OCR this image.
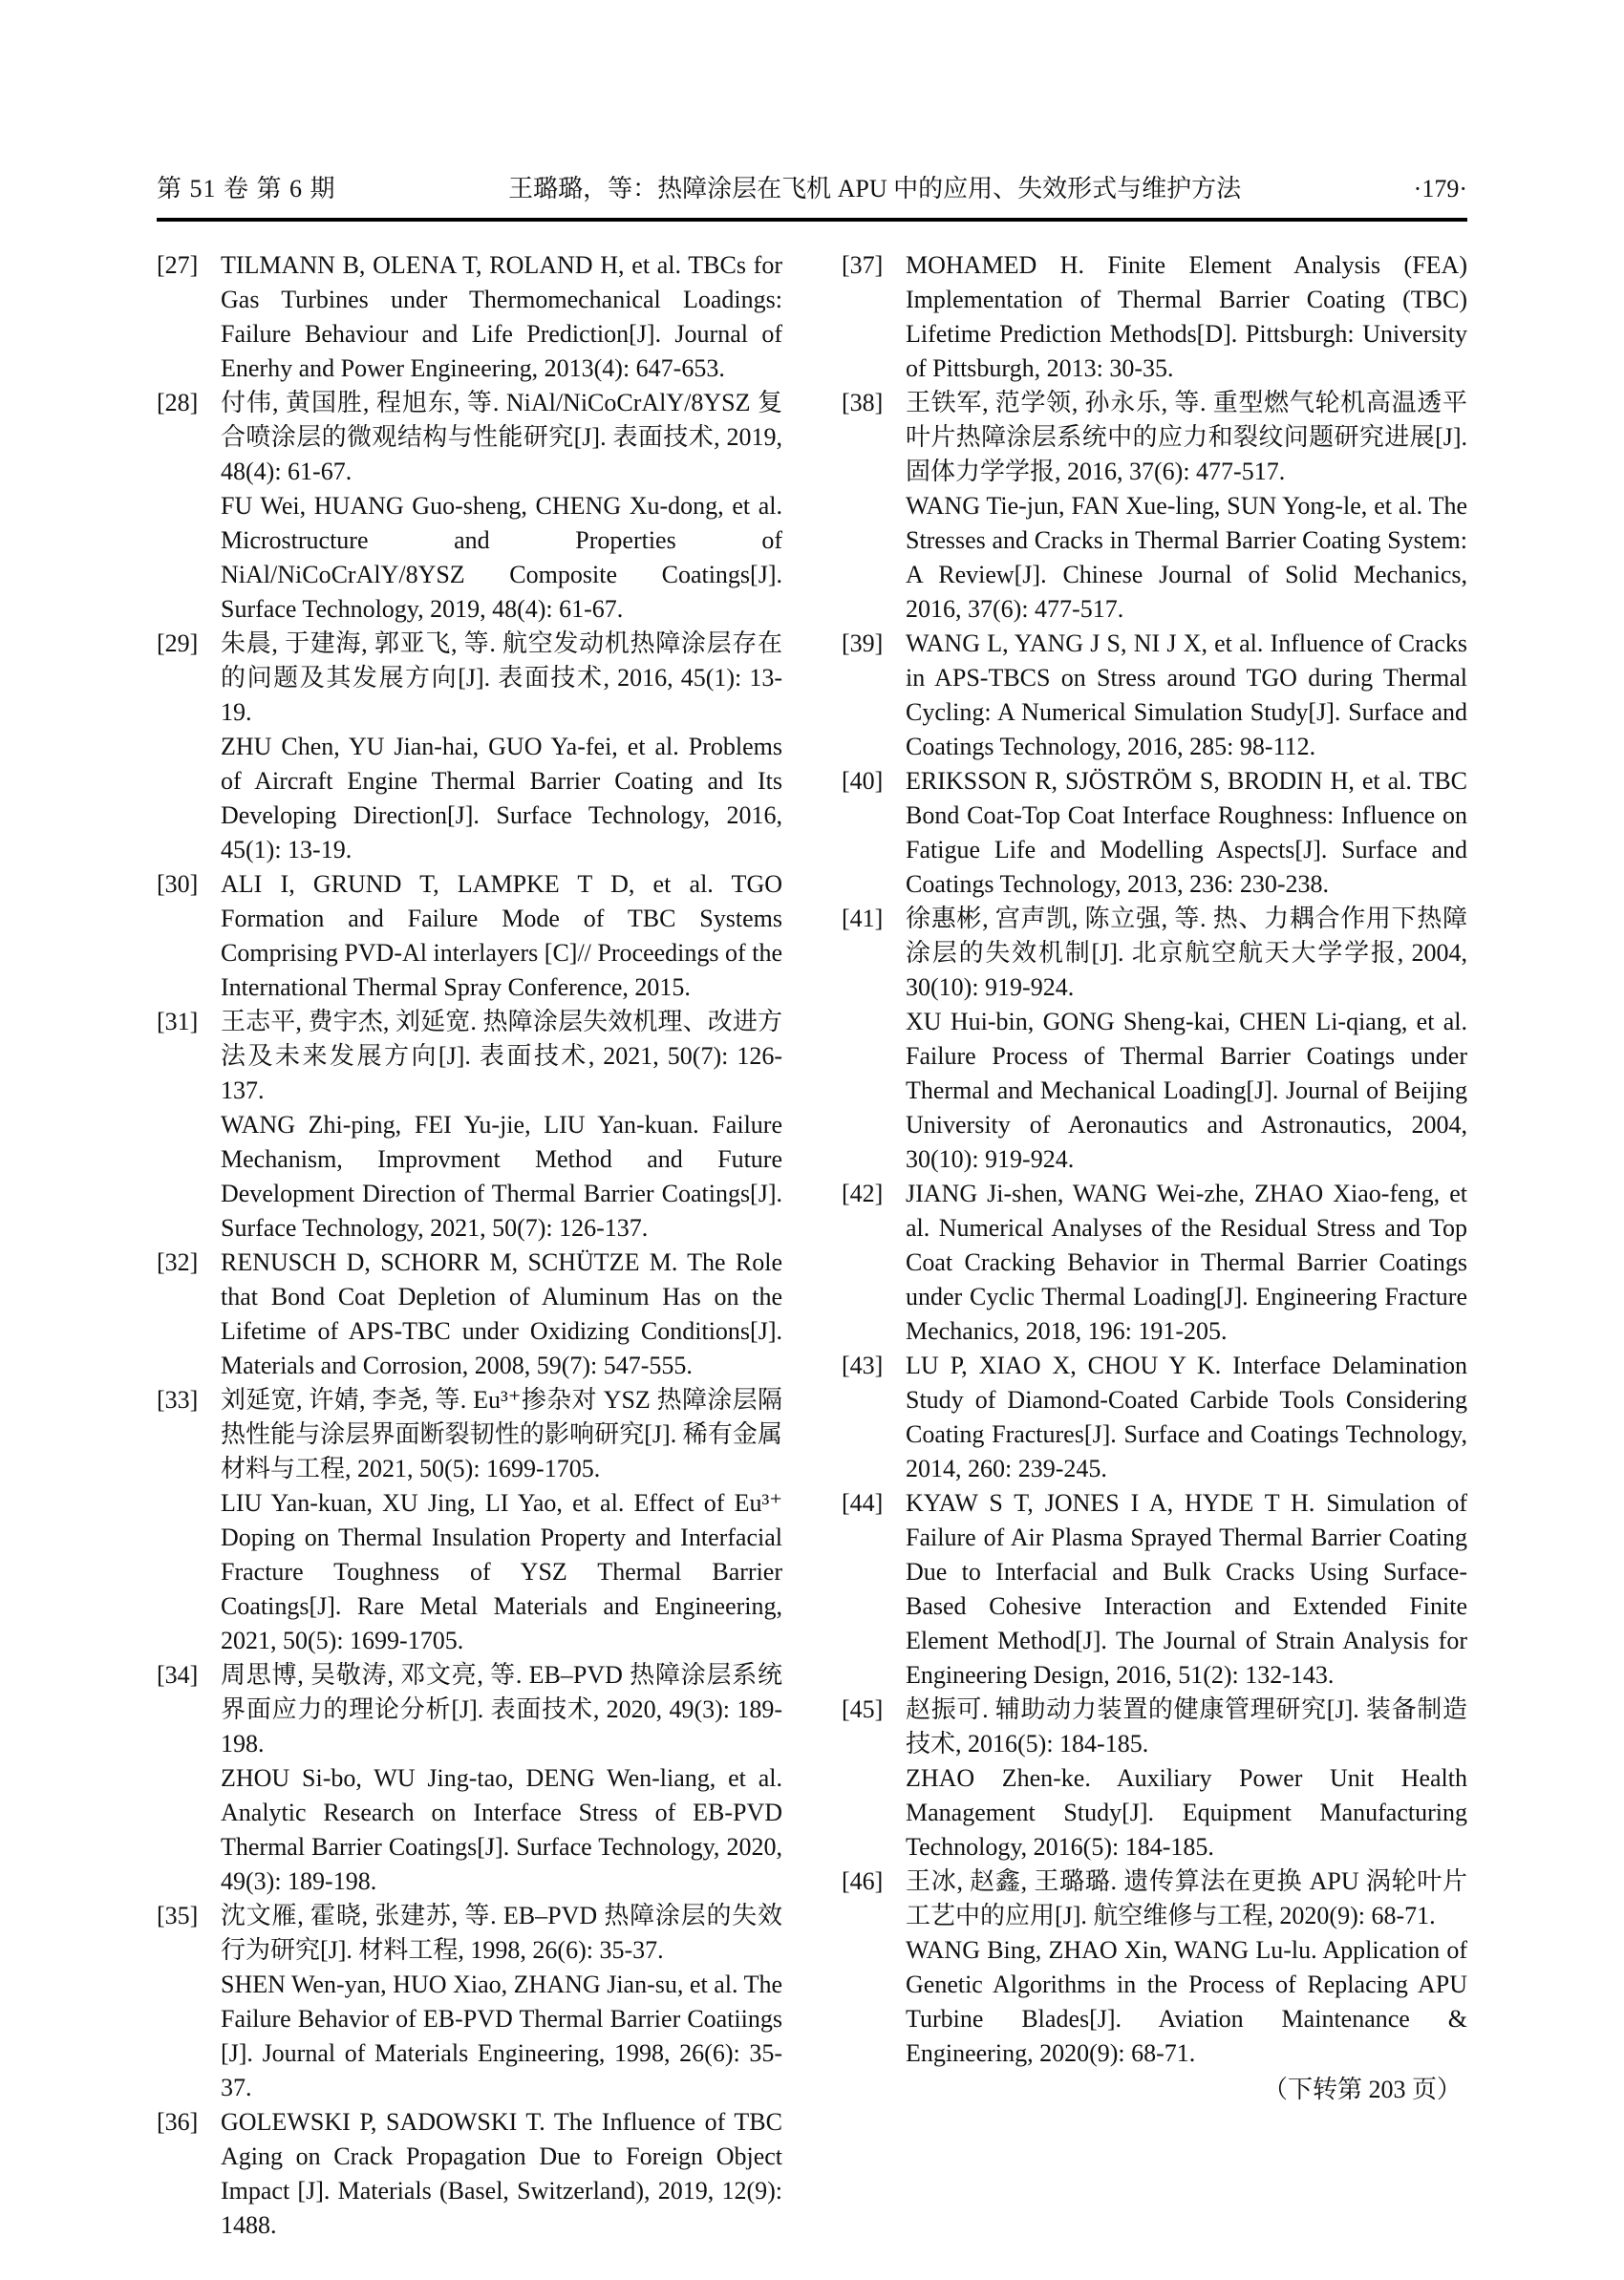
第 51 卷 第 6 期	王璐璐，等：热障涂层在飞机 APU 中的应用、失效形式与维护方法	·179·
[27] TILMANN B, OLENA T, ROLAND H, et al. TBCs for Gas Turbines under Thermomechanical Loadings: Failure Behaviour and Life Prediction[J]. Journal of Enerhy and Power Engineering, 2013(4): 647-653.

[28] 付伟, 黄国胜, 程旭东, 等. NiAl/NiCoCrAlY/8YSZ 复合喷涂层的微观结构与性能研究[J]. 表面技术, 2019, 48(4): 61-67.

FU Wei, HUANG Guo-sheng, CHENG Xu-dong, et al. Microstructure and Properties of NiAl/NiCoCrAlY/8YSZ Composite Coatings[J]. Surface Technology, 2019, 48(4): 61-67.

[29] 朱晨, 于建海, 郭亚飞, 等. 航空发动机热障涂层存在的问题及其发展方向[J]. 表面技术, 2016, 45(1): 13-19.

ZHU Chen, YU Jian-hai, GUO Ya-fei, et al. Problems of Aircraft Engine Thermal Barrier Coating and Its Developing Direction[J]. Surface Technology, 2016, 45(1): 13-19.

[30] ALI I, GRUND T, LAMPKE T D, et al. TGO Formation and Failure Mode of TBC Systems Comprising PVD-Al interlayers [C]// Proceedings of the International Thermal Spray Conference, 2015.

[31] 王志平, 费宇杰, 刘延宽. 热障涂层失效机理、改进方法及未来发展方向[J]. 表面技术, 2021, 50(7): 126-137.

WANG Zhi-ping, FEI Yu-jie, LIU Yan-kuan. Failure Mechanism, Improvment Method and Future Development Direction of Thermal Barrier Coatings[J]. Surface Technology, 2021, 50(7): 126-137.

[32] RENUSCH D, SCHORR M, SCHÜTZE M. The Role that Bond Coat Depletion of Aluminum Has on the Lifetime of APS-TBC under Oxidizing Conditions[J]. Materials and Corrosion, 2008, 59(7): 547-555.

[33] 刘延宽, 许婧, 李尧, 等. Eu³⁺掺杂对 YSZ 热障涂层隔热性能与涂层界面断裂韧性的影响研究[J]. 稀有金属材料与工程, 2021, 50(5): 1699-1705.

LIU Yan-kuan, XU Jing, LI Yao, et al. Effect of Eu³⁺ Doping on Thermal Insulation Property and Interfacial Fracture Toughness of YSZ Thermal Barrier Coatings[J]. Rare Metal Materials and Engineering, 2021, 50(5): 1699-1705.

[34] 周思博, 吴敬涛, 邓文亮, 等. EB–PVD 热障涂层系统界面应力的理论分析[J]. 表面技术, 2020, 49(3): 189-198.

ZHOU Si-bo, WU Jing-tao, DENG Wen-liang, et al. Analytic Research on Interface Stress of EB-PVD Thermal Barrier Coatings[J]. Surface Technology, 2020, 49(3): 189-198.

[35] 沈文雁, 霍晓, 张建苏, 等. EB–PVD 热障涂层的失效行为研究[J]. 材料工程, 1998, 26(6): 35-37.

SHEN Wen-yan, HUO Xiao, ZHANG Jian-su, et al. The Failure Behavior of EB-PVD Thermal Barrier Coatiings [J]. Journal of Materials Engineering, 1998, 26(6): 35-37.

[36] GOLEWSKI P, SADOWSKI T. The Influence of TBC Aging on Crack Propagation Due to Foreign Object Impact [J]. Materials (Basel, Switzerland), 2019, 12(9): 1488.

[37] MOHAMED H. Finite Element Analysis (FEA) Implementation of Thermal Barrier Coating (TBC) Lifetime Prediction Methods[D]. Pittsburgh: University of Pittsburgh, 2013: 30-35.

[38] 王铁军, 范学领, 孙永乐, 等. 重型燃气轮机高温透平叶片热障涂层系统中的应力和裂纹问题研究进展[J]. 固体力学学报, 2016, 37(6): 477-517.

WANG Tie-jun, FAN Xue-ling, SUN Yong-le, et al. The Stresses and Cracks in Thermal Barrier Coating System: A Review[J]. Chinese Journal of Solid Mechanics, 2016, 37(6): 477-517.

[39] WANG L, YANG J S, NI J X, et al. Influence of Cracks in APS-TBCS on Stress around TGO during Thermal Cycling: A Numerical Simulation Study[J]. Surface and Coatings Technology, 2016, 285: 98-112.

[40] ERIKSSON R, SJÖSTRÖM S, BRODIN H, et al. TBC Bond Coat-Top Coat Interface Roughness: Influence on Fatigue Life and Modelling Aspects[J]. Surface and Coatings Technology, 2013, 236: 230-238.

[41] 徐惠彬, 宫声凯, 陈立强, 等. 热、力耦合作用下热障涂层的失效机制[J]. 北京航空航天大学学报, 2004, 30(10): 919-924.

XU Hui-bin, GONG Sheng-kai, CHEN Li-qiang, et al. Failure Process of Thermal Barrier Coatings under Thermal and Mechanical Loading[J]. Journal of Beijing University of Aeronautics and Astronautics, 2004, 30(10): 919-924.

[42] JIANG Ji-shen, WANG Wei-zhe, ZHAO Xiao-feng, et al. Numerical Analyses of the Residual Stress and Top Coat Cracking Behavior in Thermal Barrier Coatings under Cyclic Thermal Loading[J]. Engineering Fracture Mechanics, 2018, 196: 191-205.

[43] LU P, XIAO X, CHOU Y K. Interface Delamination Study of Diamond-Coated Carbide Tools Considering Coating Fractures[J]. Surface and Coatings Technology, 2014, 260: 239-245.

[44] KYAW S T, JONES I A, HYDE T H. Simulation of Failure of Air Plasma Sprayed Thermal Barrier Coating Due to Interfacial and Bulk Cracks Using Surface-Based Cohesive Interaction and Extended Finite Element Method[J]. The Journal of Strain Analysis for Engineering Design, 2016, 51(2): 132-143.

[45] 赵振可. 辅助动力装置的健康管理研究[J]. 装备制造技术, 2016(5): 184-185.

ZHAO Zhen-ke. Auxiliary Power Unit Health Management Study[J]. Equipment Manufacturing Technology, 2016(5): 184-185.

[46] 王冰, 赵鑫, 王璐璐. 遗传算法在更换 APU 涡轮叶片工艺中的应用[J]. 航空维修与工程, 2020(9): 68-71.

WANG Bing, ZHAO Xin, WANG Lu-lu. Application of Genetic Algorithms in the Process of Replacing APU Turbine Blades[J]. Aviation Maintenance & Engineering, 2020(9): 68-71.

（下转第 203 页）
